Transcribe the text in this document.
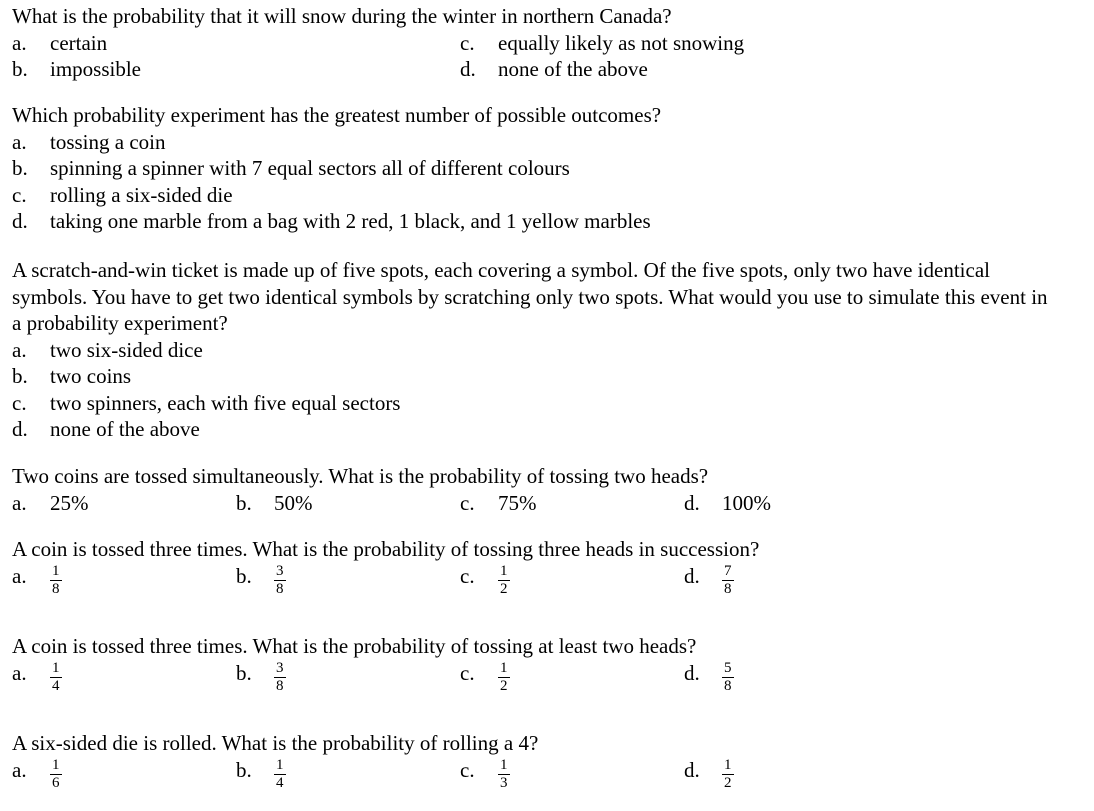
What is the probability that it will snow during the winter in northern Canada?

a. certain	c. equally likely as not snowing
b. impossible	d. none of the above

Which probability experiment has the greatest number of possible outcomes?

a. tossing a coin
b. spinning a spinner with 7 equal sectors all of different colours
c. rolling a six-sided die
d. taking one marble from a bag with 2 red, 1 black, and 1 yellow marbles

A scratch-and-win ticket is made up of five spots, each covering a symbol. Of the five spots, only two have identical symbols. You have to get two identical symbols by scratching only two spots. What would you use to simulate this event in a probability experiment?

a. two six-sided dice
b. two coins
c. two spinners, each with five equal sectors
d. none of the above

Two coins are tossed simultaneously. What is the probability of tossing two heads?

a. 25%	b. 50%	c. 75%	d. 100%

A coin is tossed three times. What is the probability of tossing three heads in succession?

a.	$\frac{1}{8}$	b.	$\frac{3}{8}$	c.	$\frac{1}{2}$	d.	$\frac{7}{8}$

A coin is tossed three times. What is the probability of tossing at least two heads?

a.	$\frac{1}{4}$	b.	$\frac{3}{8}$	c.	$\frac{1}{2}$	d.	$\frac{5}{8}$

A six-sided die is rolled. What is the probability of rolling a 4?

a.	$\frac{1}{6}$	b.	$\frac{1}{4}$	c.	$\frac{1}{3}$	d.	$\frac{1}{2}$
